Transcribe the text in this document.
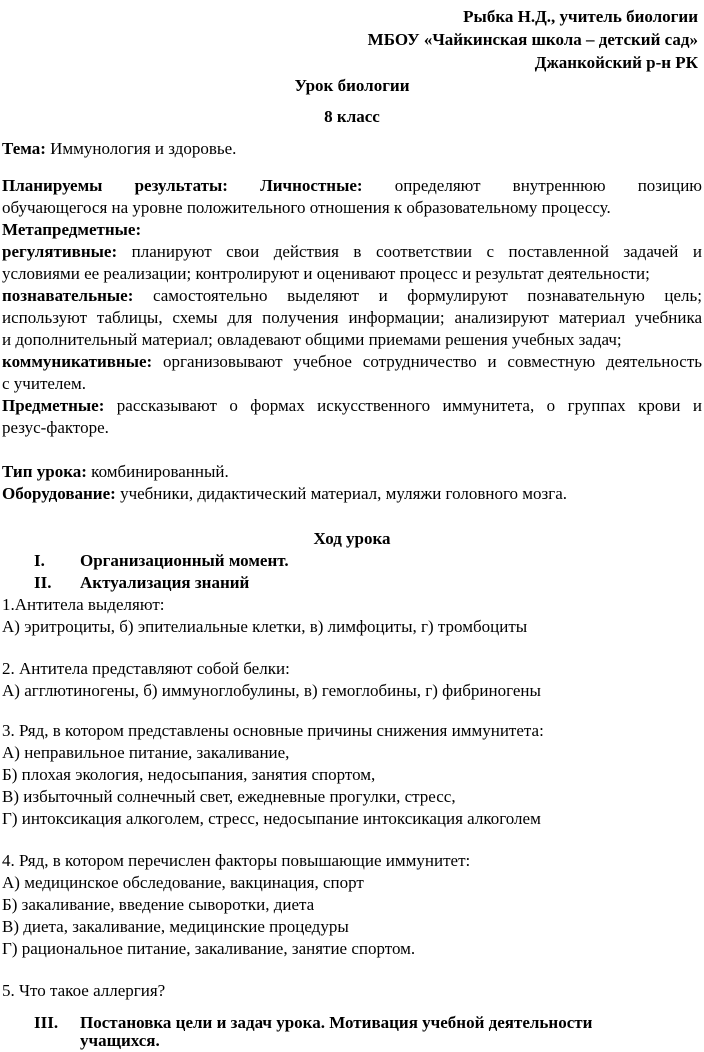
Рыбка Н.Д., учитель биологии
МБОУ «Чайкинская школа – детский сад»
Джанкойский р-н РК
Урок биологии
8 класс
Тема: Иммунология и здоровье.
Планируемы результаты: Личностные: определяют внутреннюю позицию
обучающегося на уровне положительного отношения к образовательному процессу.
Метапредметные:
регулятивные: планируют свои действия в соответствии с поставленной задачей и
условиями ее реализации; контролируют и оценивают процесс и результат деятельности;
познавательные: самостоятельно выделяют и формулируют познавательную цель;
используют таблицы, схемы для получения информации; анализируют материал учебника
и дополнительный материал; овладевают общими приемами решения учебных задач;
коммуникативные: организовывают учебное сотрудничество и совместную деятельность
с учителем.
Предметные: рассказывают о формах искусственного иммунитета, о группах крови и
резус-факторе.
Тип урока: комбинированный.
Оборудование: учебники, дидактический материал, муляжи головного мозга.
Ход урока
I. Организационный момент.
II. Актуализация знаний
1.Антитела выделяют:
А) эритроциты, б) эпителиальные клетки, в) лимфоциты, г) тромбоциты
2. Антитела представляют собой белки:
А) агглютиногены, б) иммуноглобулины, в) гемоглобины, г) фибриногены
3. Ряд, в котором представлены основные причины снижения иммунитета:
А) неправильное питание, закаливание,
Б) плохая экология, недосыпания, занятия спортом,
В) избыточный солнечный свет, ежедневные прогулки, стресс,
Г) интоксикация алкоголем, стресс, недосыпание интоксикация алкоголем
4. Ряд, в котором перечислен факторы повышающие иммунитет:
А) медицинское обследование, вакцинация, спорт
Б) закаливание, введение сыворотки, диета
В) диета, закаливание, медицинские процедуры
Г) рациональное питание, закаливание, занятие спортом.
5. Что такое аллергия?
III. Постановка цели и задач урока. Мотивация учебной деятельности
учащихся.
